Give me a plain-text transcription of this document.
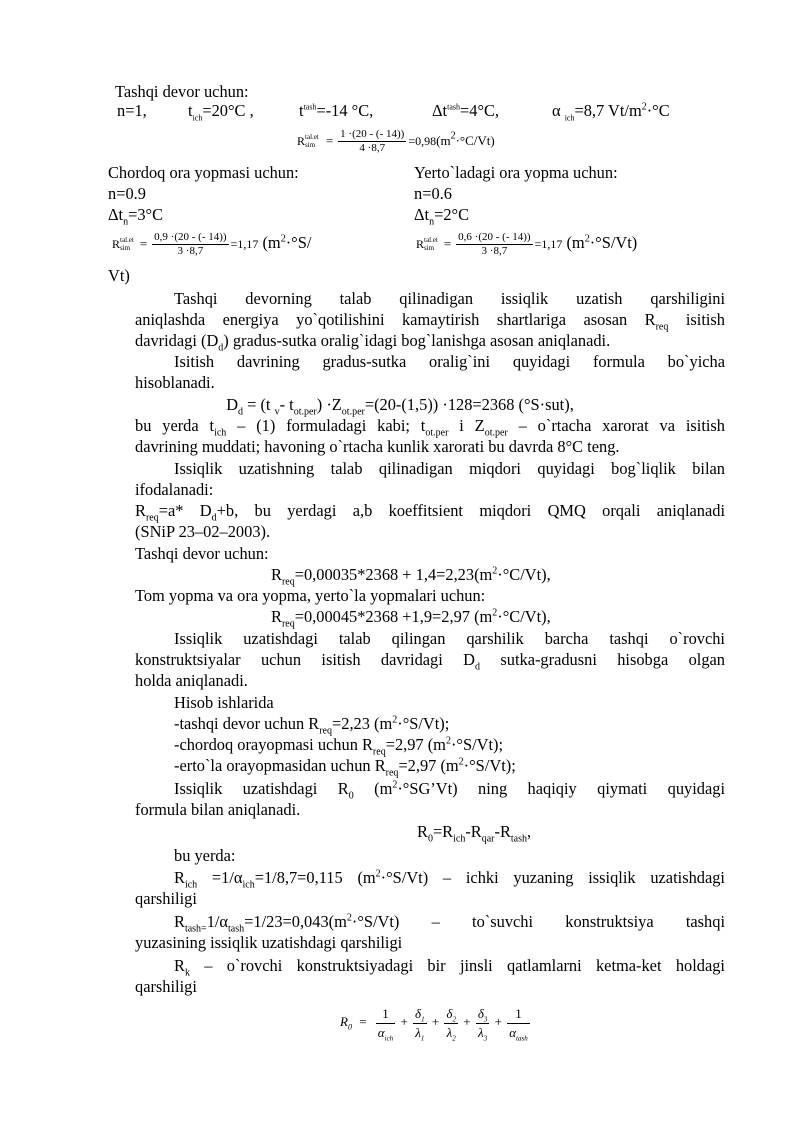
Tashqi devor uchun:
n=1,	$t_{ich}=20^\circ C$ ,	$t^{tash}=-14$ °C,	$\Delta t^{tash}=4^\circ C$,	α $_{ich}$=8,7 $Vt/m^2\cdot^\circ C$
R tal.et
sim = $\frac{1 \cdot(20 - (- 14))}{4 \cdot 8,7} =0,98(m^2\cdot^\circ C/Vt)$
Chordoq ora yopmasi uchun:
n=0.9
$\Delta t_n=3^\circ C$
R tal.et
sim = $\frac{0,9 \cdot(20 - (- 14))}{3 \cdot 8,7} =1,17$ ($m^2\cdot^\circ S/$
Vt)
Yerto`ladagi ora yopma uchun:
n=0.6
$\Delta t_n=2^\circ C$
R tal.et
sim = $\frac{0,6 \cdot(20 - (- 14))}{3 \cdot 8,7} =1,17$ $(m^2\cdot^\circ S/Vt)$
Tashqi devorning talab qilinadigan issiqlik uzatish qarshiligini
aniqlashda energiya yo`qotilishini kamaytirish shartlariga asosan $R_{req}$ isitish
davridagi $(D_d)$ gradus-sutka oralig`idagi bog`lanishga asosan aniqlanadi.
Isitish davrining gradus-sutka oralig`ini quyidagi formula bo`yicha
hisoblanadi.
$D_d = (t$ $_v$- $t_{ot.per}) \cdot Z_{ot.per}=(20-(1,5)) \cdot 128=2368$ (°S·sut),
bu yerda $t_{ich} - (1)$ formuladagi kabi; $t_{ot.per}$ i $Z_{ot.per}$ – o`rtacha xarorat va isitish
davrining muddati; havoning o`rtacha kunlik xarorati bu davrda 8°C teng.
Issiqlik uzatishning talab qilinadigan miqdori quyidagi bog`liqlik bilan
ifodalanadi:
$R_{req}=a*$ $D_d+b$, bu yerdagi a,b koeffitsient miqdori QMQ orqali aniqlanadi
(SNiP 23–02–2003).
Tashqi devor uchun:
$R_{req}=0,00035*2368 + 1,4=2,23(m^2\cdot^\circ C/Vt)$,
Tom yopma va ora yopma, yerto`la yopmalari uchun:
$R_{req}=0,00045*2368 +1,9=2,97$ $(m^2\cdot^\circ C/Vt)$,
Issiqlik uzatishdagi talab qilingan qarshilik barcha tashqi o`rovchi
konstruktsiyalar uchun isitish davridagi $D_d$ sutka-gradusni hisobga olgan
holda aniqlanadi.
Hisob ishlarida
-tashqi devor uchun $R_{req}=2,23$ $(m^2\cdot^\circ S/Vt)$;
-chordoq orayopmasi uchun $R_{req}=2,97$ $(m^2\cdot^\circ S/Vt)$;
-erto`la orayopmasidan uchun $R_{req}=2,97$ $(m^2\cdot^\circ S/Vt)$;
Issiqlik uzatishdagi $R_0$ $(m^2\cdot^\circ SG’Vt)$ ning haqiqiy qiymati quyidagi
formula bilan aniqlanadi.
$R_0=R_{ich}-R_{qar}-R_{tash}$,
bu yerda:
$R_{ich} =1/\alpha_{ich}=1/8,7=0,115$ $(m^2\cdot^\circ S/Vt)$ – ichki yuzaning issiqlik uzatishdagi
qarshiligi
$R_{tash=}1/\alpha_{tash}=1/23=0,043(m^2\cdot^\circ S/Vt)$ – to`suvchi konstruktsiya tashqi
yuzasining issiqlik uzatishdagi qarshiligi
$R_k$ – o`rovchi konstruktsiyadagi bir jinsli qatlamlarni ketma-ket holdagi
qarshiligi
$R_0 = \frac{1}{\alpha_{ich}} + \frac{\delta_1}{\lambda_1} + \frac{\delta_2}{\lambda_2} + \frac{\delta_3}{\lambda_3} + \frac{1}{\alpha_{tash}}$
